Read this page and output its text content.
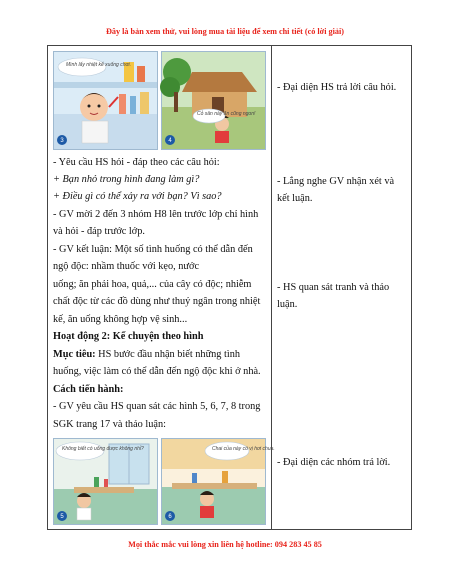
Đây là bản xem thử, vui lòng mua tài liệu để xem chi tiết (có lời giải)
Mình lấy nhiệt kế xuống chơi.
3
Cỏ sân này ăn cũng ngon!
4
- Yêu cầu HS hỏi - đáp theo các câu hỏi:
+ Bạn nhỏ trong hình đang làm gì?
+ Điều gì có thể xảy ra với bạn? Vì sao?
- GV mời 2 đến 3 nhóm H8 lên trước lớp chỉ hình
và hỏi - đáp trước lớp.
- GV kết luận: Một số tình huống có thể dẫn đến
ngộ độc: nhầm thuốc với kẹo, nước
uống; ăn phải hoa, quả,... của cây có độc; nhiễm
chất độc từ các đồ dùng như thuỷ ngân trong nhiệt
kế, ăn uống không hợp vệ sinh...
Hoạt động 2: Kể chuyện theo hình
Mục tiêu: HS bước đầu nhận biết những tình
huống, việc làm có thể dẫn đến ngộ độc khi ở nhà.
Cách tiến hành:
- GV yêu cầu HS quan sát các hình 5, 6, 7, 8 trong
SGK trang 17 và thảo luận:
Không biết có uống được không nhỉ?
5
Chai của này có vị hơi chua.
6
- Đại diện HS trả lời câu hỏi.
- Lắng nghe GV nhận xét và kết luận.
- HS quan sát tranh và thảo luận.
- Đại diện các nhóm trả lời.
Mọi thắc mắc vui lòng xin liên hệ hotline: 094 283 45 85
